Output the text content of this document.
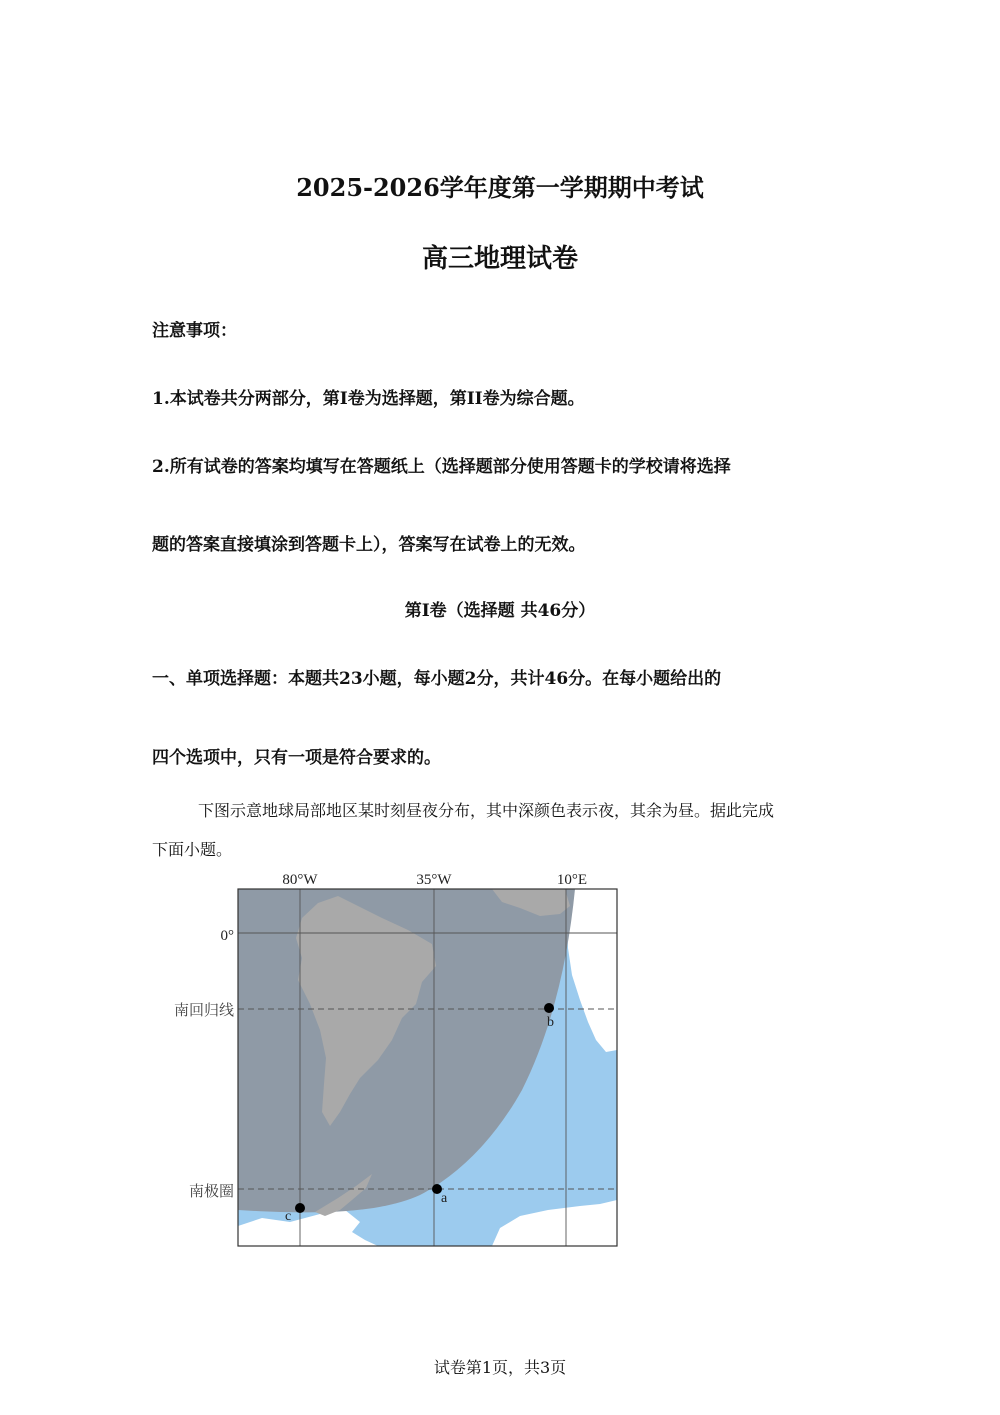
2025-2026学年度第一学期期中考试
高三地理试卷
注意事项：
1.本试卷共分两部分，第I卷为选择题，第II卷为综合题。
2.所有试卷的答案均填写在答题纸上（选择题部分使用答题卡的学校请将选择
题的答案直接填涂到答题卡上），答案写在试卷上的无效。
第I卷（选择题 共46分）
一、单项选择题：本题共23小题，每小题2分，共计46分。在每小题给出的
四个选项中，只有一项是符合要求的。
下图示意地球局部地区某时刻昼夜分布，其中深颜色表示夜，其余为昼。据此完成
下面小题。
80°W	35°W	10°E
0°
南回归线
南极圈	a
b
c
试卷第1页，共3页
